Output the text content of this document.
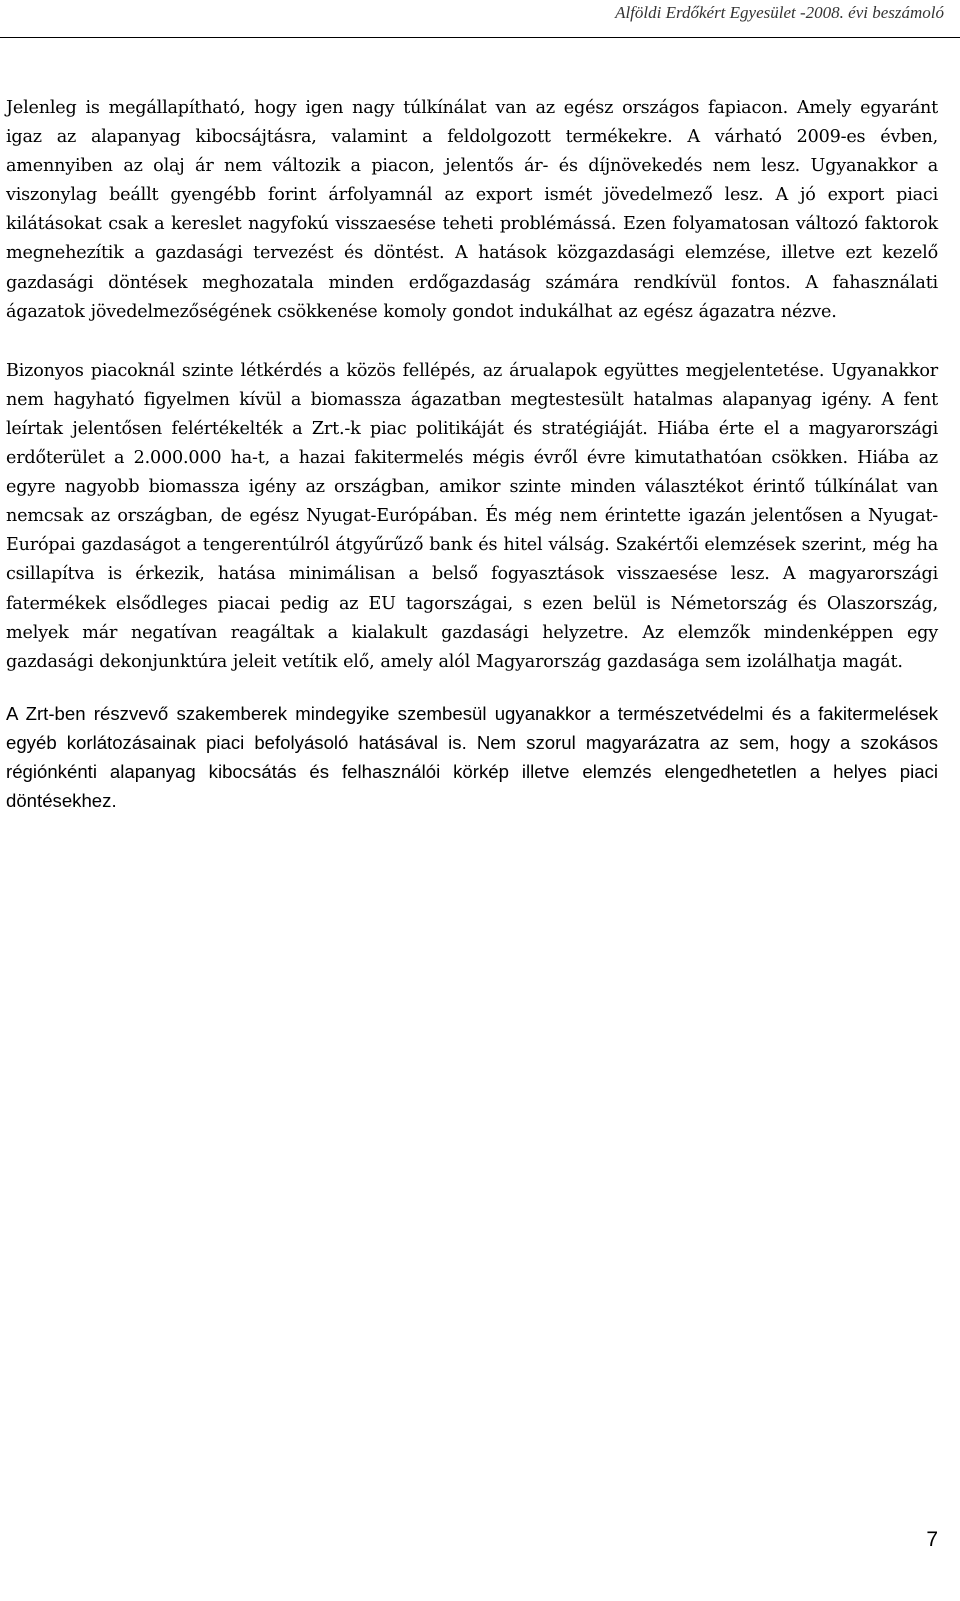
Alföldi Erdőkért Egyesület -2008. évi beszámoló

Jelenleg is megállapítható, hogy igen nagy túlkínálat van az egész országos fapiacon. Amely egyaránt igaz az alapanyag kibocsájtásra, valamint a feldolgozott termékekre. A várható 2009-es évben, amennyiben az olaj ár nem változik a piacon, jelentős ár- és díjnövekedés nem lesz. Ugyanakkor a viszonylag beállt gyengébb forint árfolyamnál az export ismét jövedelmező lesz. A jó export piaci kilátásokat csak a kereslet nagyfokú visszaesése teheti problémássá. Ezen folyamatosan változó faktorok megnehezítik a gazdasági tervezést és döntést. A hatások közgazdasági elemzése, illetve ezt kezelő gazdasági döntések meghozatala minden erdőgazdaság számára rendkívül fontos. A fahasználati ágazatok jövedelmezőségének csökkenése komoly gondot indukálhat az egész ágazatra nézve.

Bizonyos piacoknál szinte létkérdés a közös fellépés, az árualapok együttes megjelentetése. Ugyanakkor nem hagyható figyelmen kívül a biomassza ágazatban megtestesült hatalmas alapanyag igény. A fent leírtak jelentősen felértékelték a Zrt.-k piac politikáját és stratégiáját. Hiába érte el a magyarországi erdőterület a 2.000.000 ha-t, a hazai fakitermelés mégis évről évre kimutathatóan csökken. Hiába az egyre nagyobb biomassza igény az országban, amikor szinte minden választékot érintő túlkínálat van nemcsak az országban, de egész Nyugat-Európában. És még nem érintette igazán jelentősen a Nyugat-Európai gazdaságot a tengerentúlról átgyűrűző bank és hitel válság. Szakértői elemzések szerint, még ha csillapítva is érkezik, hatása minimálisan a belső fogyasztások visszaesése lesz. A magyarországi fatermékek elsődleges piacai pedig az EU tagországai, s ezen belül is Németország és Olaszország, melyek már negatívan reagáltak a kialakult gazdasági helyzetre. Az elemzők mindenképpen egy gazdasági dekonjunktúra jeleit vetítik elő, amely alól Magyarország gazdasága sem izolálhatja magát.

A Zrt-ben részvevő szakemberek mindegyike szembesül ugyanakkor a természetvédelmi és a fakitermelések egyéb korlátozásainak piaci befolyásoló hatásával is. Nem szorul magyarázatra az sem, hogy a szokásos régiónkénti alapanyag kibocsátás és felhasználói körkép illetve elemzés elengedhetetlen a helyes piaci döntésekhez.

7
